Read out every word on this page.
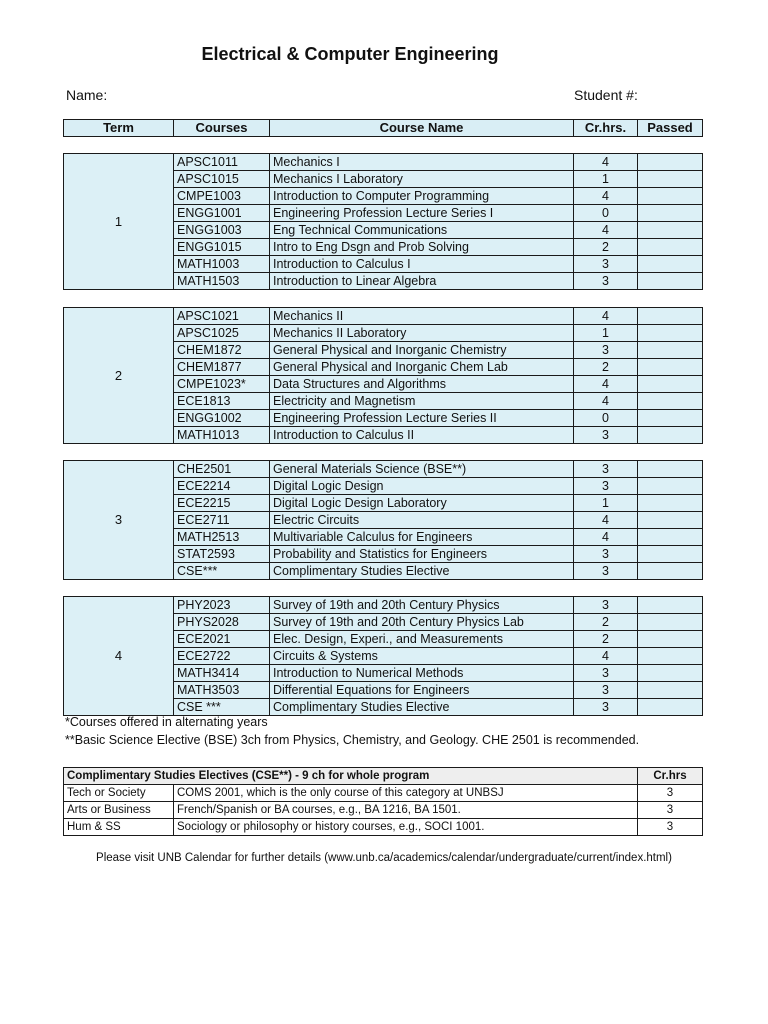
Electrical & Computer Engineering
Name:	Student #:
Term	Courses	Course Name	Cr.hrs.	Passed
1	APSC1011	Mechanics I	4	
	APSC1015	Mechanics I Laboratory	1	
	CMPE1003	Introduction to Computer Programming	4	
	ENGG1001	Engineering Profession Lecture Series I	0	
	ENGG1003	Eng Technical Communications	4	
	ENGG1015	Intro to Eng Dsgn and Prob Solving	2	
	MATH1003	Introduction to Calculus I	3	
	MATH1503	Introduction to Linear Algebra	3	
2	APSC1021	Mechanics II	4	
	APSC1025	Mechanics II Laboratory	1	
	CHEM1872	General Physical and Inorganic Chemistry	3	
	CHEM1877	General Physical and Inorganic Chem Lab	2	
	CMPE1023*	Data Structures and Algorithms	4	
	ECE1813	Electricity and Magnetism	4	
	ENGG1002	Engineering Profession Lecture Series II	0	
	MATH1013	Introduction to Calculus II	3	
3	CHE2501	General Materials Science (BSE**)	3	
	ECE2214	Digital Logic Design	3	
	ECE2215	Digital Logic Design Laboratory	1	
	ECE2711	Electric Circuits	4	
	MATH2513	Multivariable Calculus for Engineers	4	
	STAT2593	Probability and Statistics for Engineers	3	
	CSE***	Complimentary Studies Elective	3	
4	PHY2023	Survey of 19th and 20th Century Physics	3	
	PHYS2028	Survey of 19th and 20th Century Physics Lab	2	
	ECE2021	Elec. Design, Experi., and Measurements	2	
	ECE2722	Circuits & Systems	4	
	MATH3414	Introduction to Numerical Methods	3	
	MATH3503	Differential Equations for Engineers	3	
	CSE ***	Complimentary Studies Elective	3	
*Courses offered in alternating years
**Basic Science Elective (BSE) 3ch from Physics, Chemistry, and Geology. CHE 2501 is recommended.
Complimentary Studies Electives (CSE**) - 9 ch for whole program		Cr.hrs
Tech or Society	COMS 2001, which is the only course of this category at UNBSJ	3
Arts or Business	French/Spanish or BA courses, e.g., BA 1216, BA 1501.	3
Hum & SS	Sociology or philosophy or history courses, e.g., SOCI 1001.	3
Please visit UNB Calendar for further details (www.unb.ca/academics/calendar/undergraduate/current/index.html)
